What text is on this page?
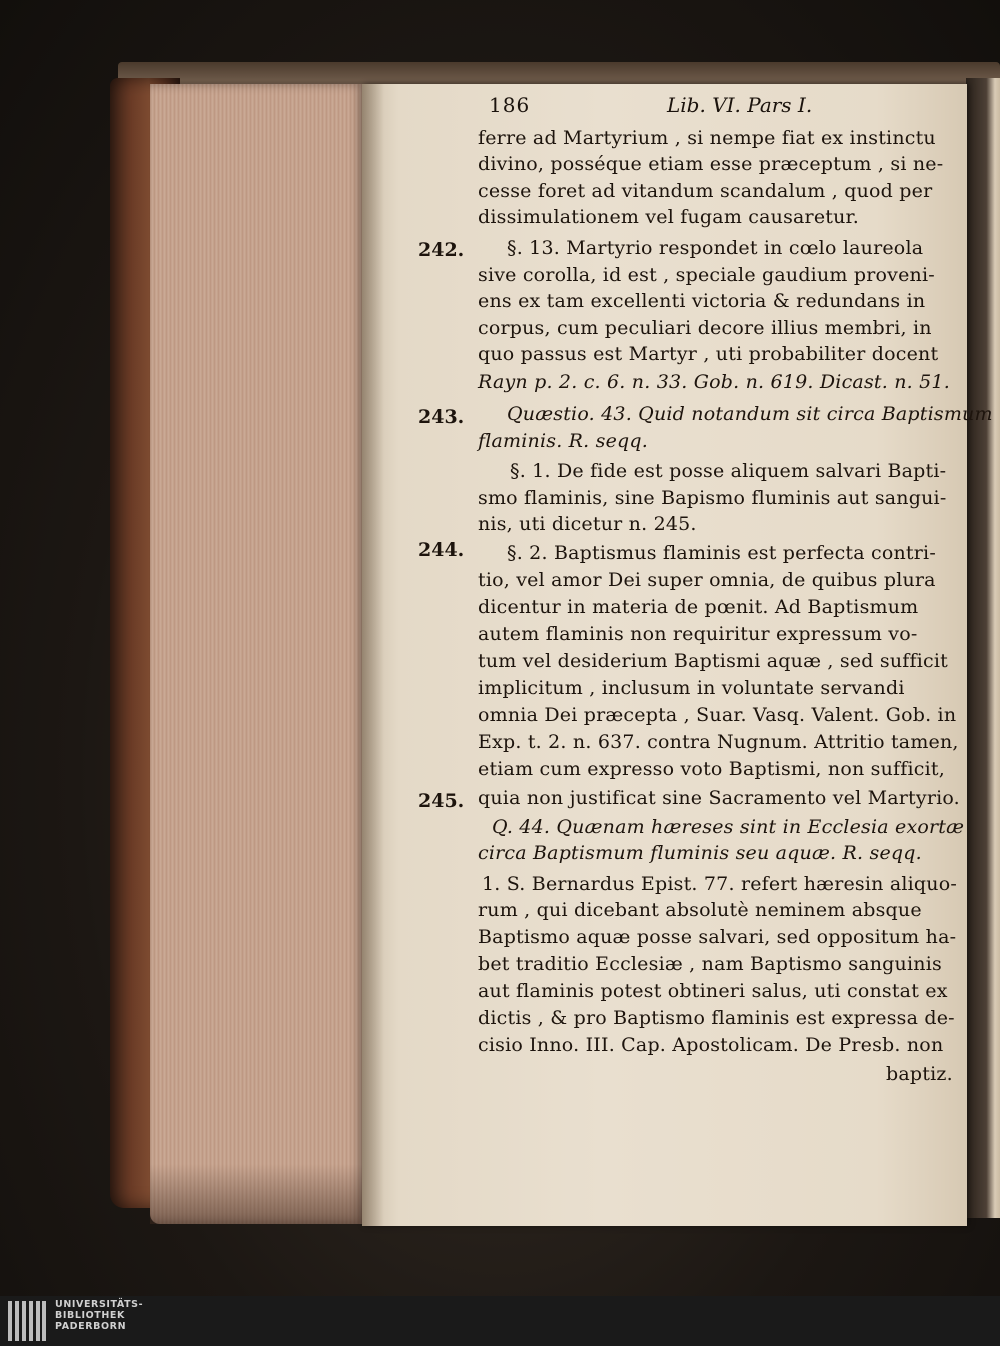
186	Lib. VI. Pars I.
242.
243.
244.
245.
ferre ad Martyrium , si nempe fiat ex instinctu
divino, posséque etiam esse præceptum , si ne-
cesse foret ad vitandum scandalum , quod per
dissimulationem vel fugam causaretur.
§. 13. Martyrio respondet in cœlo laureola
sive corolla, id est , speciale gaudium proveni-
ens ex tam excellenti victoria & redundans in
corpus, cum peculiari decore illius membri, in
quo passus est Martyr , uti probabiliter docent
Rayn p. 2. c. 6. n. 33. Gob. n. 619. Dicast. n. 51.
Quæstio. 43. Quid notandum sit circa Baptismum
flaminis. R. seqq.
§. 1. De fide est posse aliquem salvari Bapti-
smo flaminis, sine Bapismo fluminis aut sangui-
nis, uti dicetur n. 245.
§. 2. Baptismus flaminis est perfecta contri-
tio, vel amor Dei super omnia, de quibus plura
dicentur in materia de pœnit. Ad Baptismum
autem flaminis non requiritur expressum vo-
tum vel desiderium Baptismi aquæ , sed sufficit
implicitum , inclusum in voluntate servandi
omnia Dei præcepta , Suar. Vasq. Valent. Gob. in
Exp. t. 2. n. 637. contra Nugnum. Attritio tamen,
etiam cum expresso voto Baptismi, non sufficit,
quia non justificat sine Sacramento vel Martyrio.
Q. 44. Quænam hæreses sint in Ecclesia exortæ
circa Baptismum fluminis seu aquæ. R. seqq.
1. S. Bernardus Epist. 77. refert hæresin aliquo-
rum , qui dicebant absolutè neminem absque
Baptismo aquæ posse salvari, sed oppositum ha-
bet traditio Ecclesiæ , nam Baptismo sanguinis
aut flaminis potest obtineri salus, uti constat ex
dictis , & pro Baptismo flaminis est expressa de-
cisio Inno. III. Cap. Apostolicam. De Presb. non
baptiz.
UNIVERSITÄTS-
BIBLIOTHEK
PADERBORN
